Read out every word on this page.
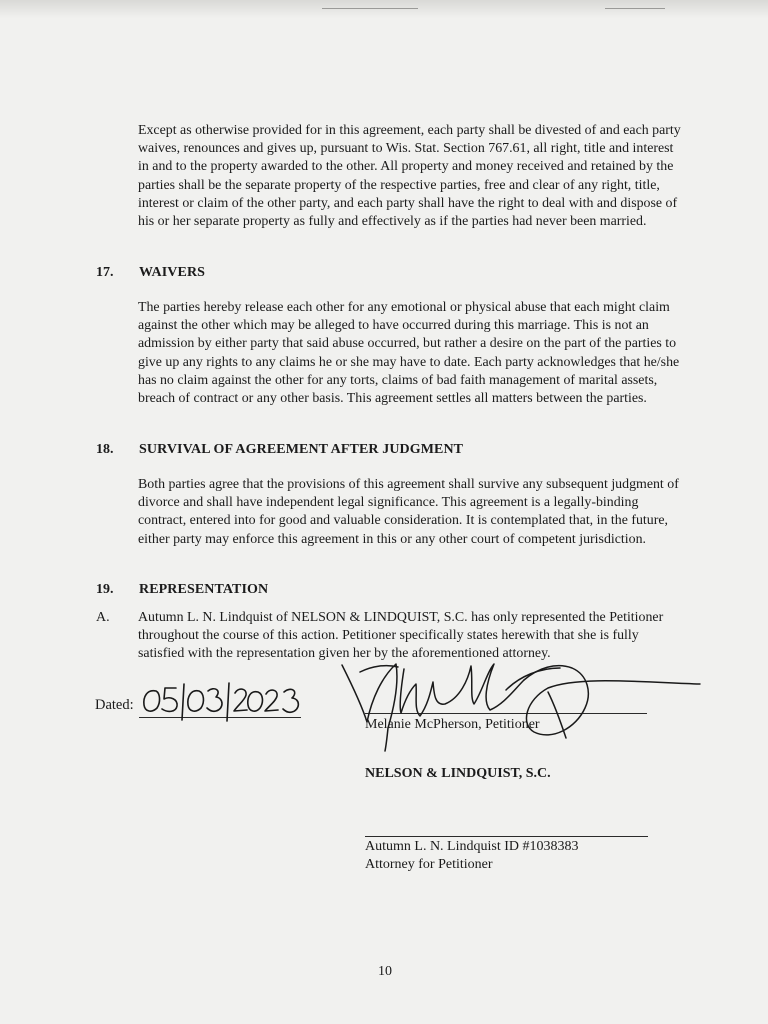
Except as otherwise provided for in this agreement, each party shall be divested of and each party waives, renounces and gives up, pursuant to Wis. Stat. Section 767.61, all right, title and interest in and to the property awarded to the other. All property and money received and retained by the parties shall be the separate property of the respective parties, free and clear of any right, title, interest or claim of the other party, and each party shall have the right to deal with and dispose of his or her separate property as fully and effectively as if the parties had never been married.

17. WAIVERS

The parties hereby release each other for any emotional or physical abuse that each might claim against the other which may be alleged to have occurred during this marriage. This is not an admission by either party that said abuse occurred, but rather a desire on the part of the parties to give up any rights to any claims he or she may have to date. Each party acknowledges that he/she has no claim against the other for any torts, claims of bad faith management of marital assets, breach of contract or any other basis. This agreement settles all matters between the parties.

18. SURVIVAL OF AGREEMENT AFTER JUDGMENT

Both parties agree that the provisions of this agreement shall survive any subsequent judgment of divorce and shall have independent legal significance. This agreement is a legally-binding contract, entered into for good and valuable consideration. It is contemplated that, in the future, either party may enforce this agreement in this or any other court of competent jurisdiction.

19. REPRESENTATION
A. Autumn L. N. Lindquist of NELSON & LINDQUIST, S.C. has only represented the Petitioner throughout the course of this action. Petitioner specifically states herewith that she is fully satisfied with the representation given her by the aforementioned attorney.

Dated:
Melanie McPherson, Petitioner
NELSON & LINDQUIST, S.C.
Autumn L. N. Lindquist ID #1038383
Attorney for Petitioner
10
